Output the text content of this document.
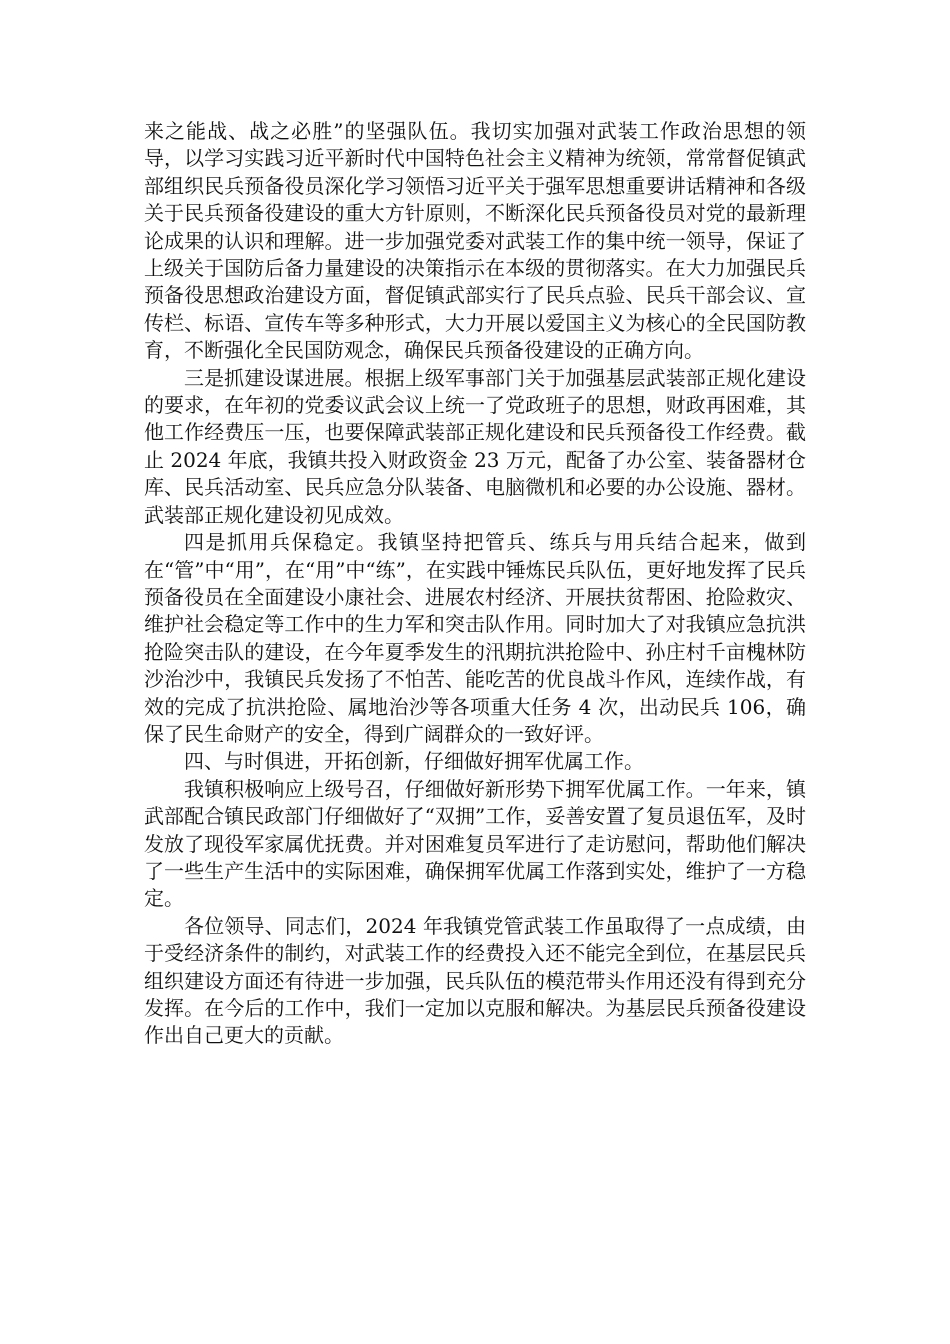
来之能战、战之必胜”的坚强队伍。我切实加强对武装工作政治思想的领导，以学习实践习近平新时代中国特色社会主义精神为统领，常常督促镇武部组织民兵预备役员深化学习领悟习近平关于强军思想重要讲话精神和各级关于民兵预备役建设的重大方针原则，不断深化民兵预备役员对党的最新理论成果的认识和理解。进一步加强党委对武装工作的集中统一领导，保证了上级关于国防后备力量建设的决策指示在本级的贯彻落实。在大力加强民兵预备役思想政治建设方面，督促镇武部实行了民兵点验、民兵干部会议、宣传栏、标语、宣传车等多种形式，大力开展以爱国主义为核心的全民国防教育，不断强化全民国防观念，确保民兵预备役建设的正确方向。

三是抓建设谋进展。根据上级军事部门关于加强基层武装部正规化建设的要求，在年初的党委议武会议上统一了党政班子的思想，财政再困难，其他工作经费压一压，也要保障武装部正规化建设和民兵预备役工作经费。截止 2024 年底，我镇共投入财政资金 23 万元，配备了办公室、装备器材仓库、民兵活动室、民兵应急分队装备、电脑微机和必要的办公设施、器材。武装部正规化建设初见成效。

四是抓用兵保稳定。我镇坚持把管兵、练兵与用兵结合起来，做到在“管”中“用”，在“用”中“练”，在实践中锤炼民兵队伍，更好地发挥了民兵预备役员在全面建设小康社会、进展农村经济、开展扶贫帮困、抢险救灾、维护社会稳定等工作中的生力军和突击队作用。同时加大了对我镇应急抗洪抢险突击队的建设，在今年夏季发生的汛期抗洪抢险中、孙庄村千亩槐林防沙治沙中，我镇民兵发扬了不怕苦、能吃苦的优良战斗作风，连续作战，有效的完成了抗洪抢险、属地治沙等各项重大任务 4 次，出动民兵 106，确保了民生命财产的安全，得到广阔群众的一致好评。

四、与时俱进，开拓创新，仔细做好拥军优属工作。

我镇积极响应上级号召，仔细做好新形势下拥军优属工作。一年来，镇武部配合镇民政部门仔细做好了“双拥”工作，妥善安置了复员退伍军，及时发放了现役军家属优抚费。并对困难复员军进行了走访慰问，帮助他们解决了一些生产生活中的实际困难，确保拥军优属工作落到实处，维护了一方稳定。

各位领导、同志们，2024 年我镇党管武装工作虽取得了一点成绩，由于受经济条件的制约，对武装工作的经费投入还不能完全到位，在基层民兵组织建设方面还有待进一步加强，民兵队伍的模范带头作用还没有得到充分发挥。在今后的工作中，我们一定加以克服和解决。为基层民兵预备役建设作出自己更大的贡献。
